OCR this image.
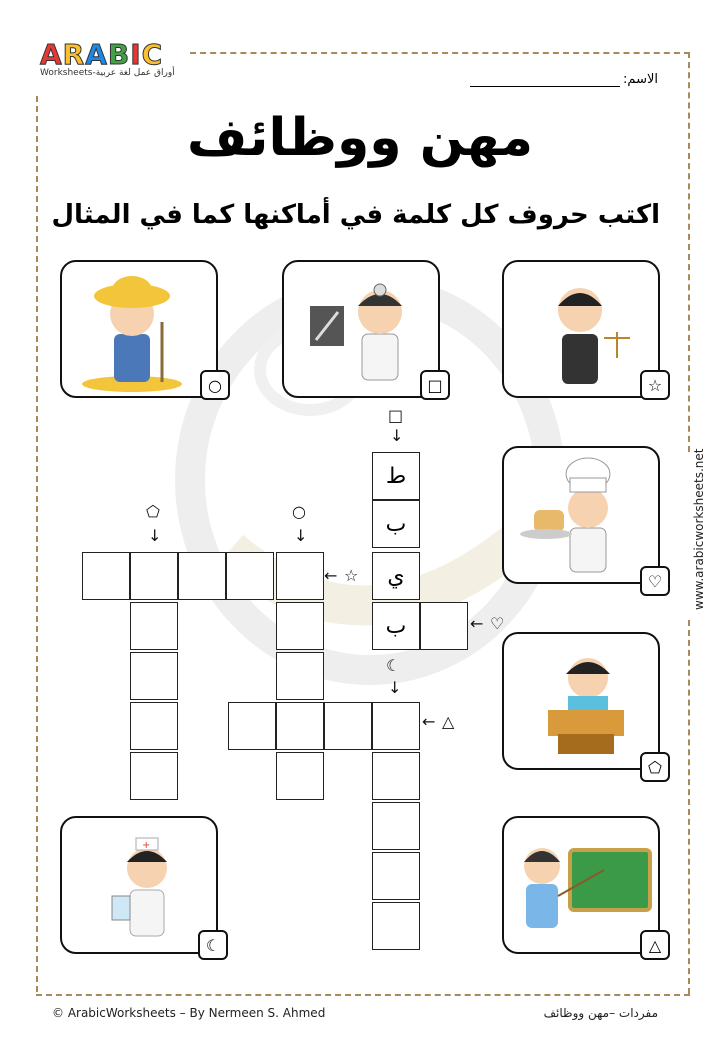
ARABIC
Worksheets-أوراق عمل لغة عربية	الاسم:
مهن ووظائف
اكتب حروف كل كلمة في أماكنها كما في المثال
○	□	☆
♡
⬠
△
+
☾
ط
ب
ي
ب
□
↓
⬠
↓
○
↓
← ☆
← ♡
☾
↓
← △
www.arabicworksheets.net
© ArabicWorksheets – By Nermeen S. Ahmed	مفردات –مهن ووظائف
